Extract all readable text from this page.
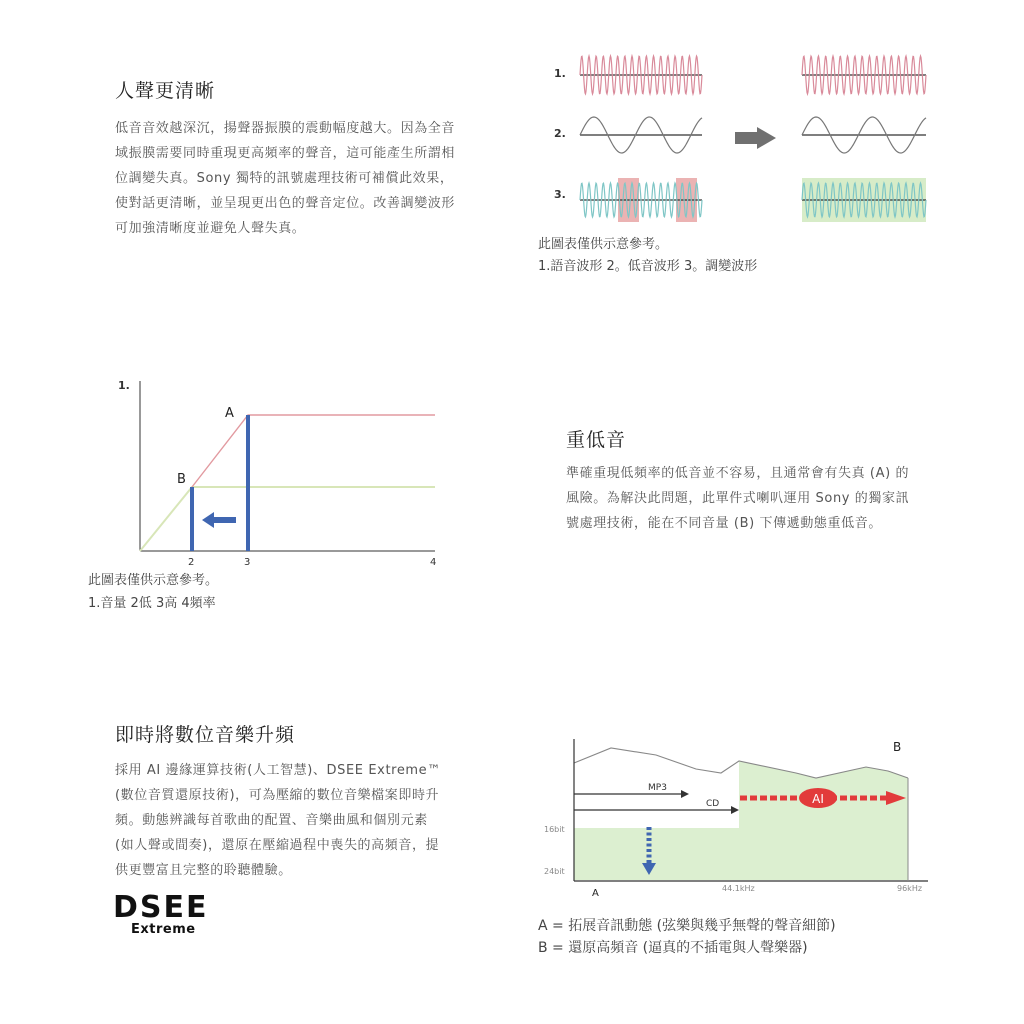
人聲更清晰

低音音效越深沉，揚聲器振膜的震動幅度越大。因為全音域振膜需要同時重現更高頻率的聲音，這可能產生所謂相位調變失真。Sony 獨特的訊號處理技術可補償此效果，使對話更清晰，並呈現更出色的聲音定位。改善調變波形可加強清晰度並避免人聲失真。

1.
2.
3.
此圖表僅供示意參考。
1.語音波形 2。低音波形 3。調變波形
1.
A
B
2	3	4
此圖表僅供示意參考。
1.音量 2低 3高 4頻率
重低音

準確重現低頻率的低音並不容易，且通常會有失真 (A) 的風險。為解決此問題，此單件式喇叭運用 Sony 的獨家訊號處理技術，能在不同音量 (B) 下傳遞動態重低音。

即時將數位音樂升頻

採用 AI 邊緣運算技術(人工智慧)、DSEE Extreme™ (數位音質還原技術)，可為壓縮的數位音樂檔案即時升頻。動態辨識每首歌曲的配置、音樂曲風和個別元素 (如人聲或間奏)，還原在壓縮過程中喪失的高頻音，提供更豐富且完整的聆聽體驗。

DSEE
Extreme
MP3
CD	AI
B
16bit
24bit
44.1kHz	96kHz
A
A = 拓展音訊動態 (弦樂與幾乎無聲的聲音細節)
B = 還原高頻音 (逼真的不插電與人聲樂器)
